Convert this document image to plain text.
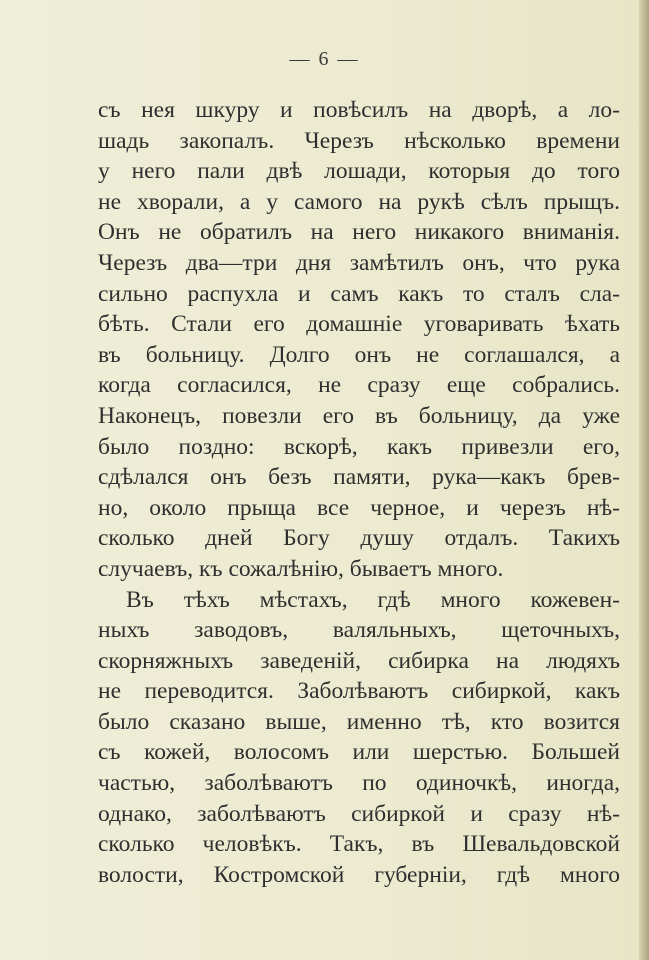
— 6 —
съ нея шкуру и повѣсилъ на дворѣ, а ло-
шадь закопалъ. Черезъ нѣсколько времени
у него пали двѣ лошади, которыя до того
не хворали, а у самого на рукѣ сѣлъ прыщъ.
Онъ не обратилъ на него никакого вниманія.
Черезъ два—три дня замѣтилъ онъ, что рука
сильно распухла и самъ какъ то сталъ сла-
бѣть. Стали его домашніе уговаривать ѣхать
въ больницу. Долго онъ не соглашался, а
когда согласился, не сразу еще собрались.
Наконецъ, повезли его въ больницу, да уже
было поздно: вскорѣ, какъ привезли его,
сдѣлался онъ безъ памяти, рука—какъ брев-
но, около прыща все черное, и черезъ нѣ-
сколько дней Богу душу отдалъ. Такихъ
случаевъ, къ сожалѣнію, бываетъ много.
Въ тѣхъ мѣстахъ, гдѣ много кожевен-
ныхъ заводовъ, валяльныхъ, щеточныхъ,
скорняжныхъ заведеній, сибирка на людяхъ
не переводится. Заболѣваютъ сибиркой, какъ
было сказано выше, именно тѣ, кто возится
съ кожей, волосомъ или шерстью. Большей
частью, заболѣваютъ по одиночкѣ, иногда,
однако, заболѣваютъ сибиркой и сразу нѣ-
сколько человѣкъ. Такъ, въ Шевальдовской
волости, Костромской губерніи, гдѣ много
